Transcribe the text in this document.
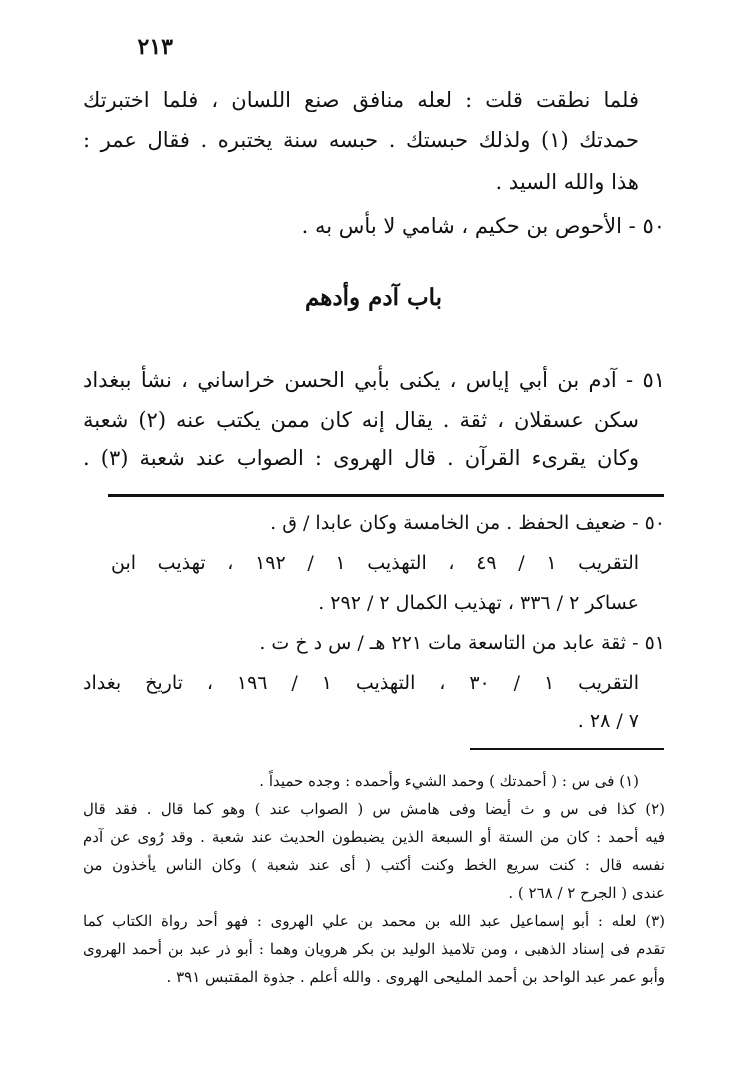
٢١٣
فلما نطقت قلت : لعله منافق صنع اللسان ، فلما اختبرتك
حمدتك (١) ولذلك حبستك . حبسه سنة يختبره . فقال عمر :
هذا والله السيد .
٥٠ - الأحوص بن حكيم ، شامي لا بأس به .
باب آدم وأدهم
٥١ - آدم بن أبي إياس ، يكنى بأبي الحسن خراساني ، نشأ ببغداد
سكن عسقلان ، ثقة . يقال إنه كان ممن يكتب عنه (٢) شعبة
وكان يقرىء القرآن . قال الهروى : الصواب عند شعبة (٣) .
٥٠ - ضعيف الحفظ . من الخامسة وكان عابدا / ق .
التقريب ١ / ٤٩ ، التهذيب ١ / ١٩٢ ، تهذيب ابن
عساكر ٢ / ٣٣٦ ، تهذيب الكمال ٢ / ٢٩٢ .
٥١ - ثقة عابد من التاسعة مات ٢٢١ هـ / س د خ ت .
التقريب ١ / ٣٠ ، التهذيب ١ / ١٩٦ ، تاريخ بغداد
٧ / ٢٨ .
(١) فى س : ( أحمدتك ) وحمد الشيء وأحمده : وجده حميداً .
(٢) كذا فى س و ث أيضا وفى هامش س ( الصواب عند ) وهو كما قال . فقد قال
فيه أحمد : كان من الستة أو السبعة الذين يضبطون الحديث عند شعبة . وقد رُوى عن آدم
نفسه قال : كنت سريع الخط وكنت أكتب ( أى عند شعبة ) وكان الناس يأخذون من
عندى ( الجرح ٢ / ٢٦٨ ) .
(٣) لعله : أبو إسماعيل عبد الله بن محمد بن علي الهروى : فهو أحد رواة الكتاب كما
تقدم فى إسناد الذهبى ، ومن تلاميذ الوليد بن بكر هرويان وهما : أبو ذر عبد بن أحمد الهروى
وأبو عمر عبد الواحد بن أحمد المليحى الهروى . والله أعلم . جذوة المقتبس ٣٩١ .
